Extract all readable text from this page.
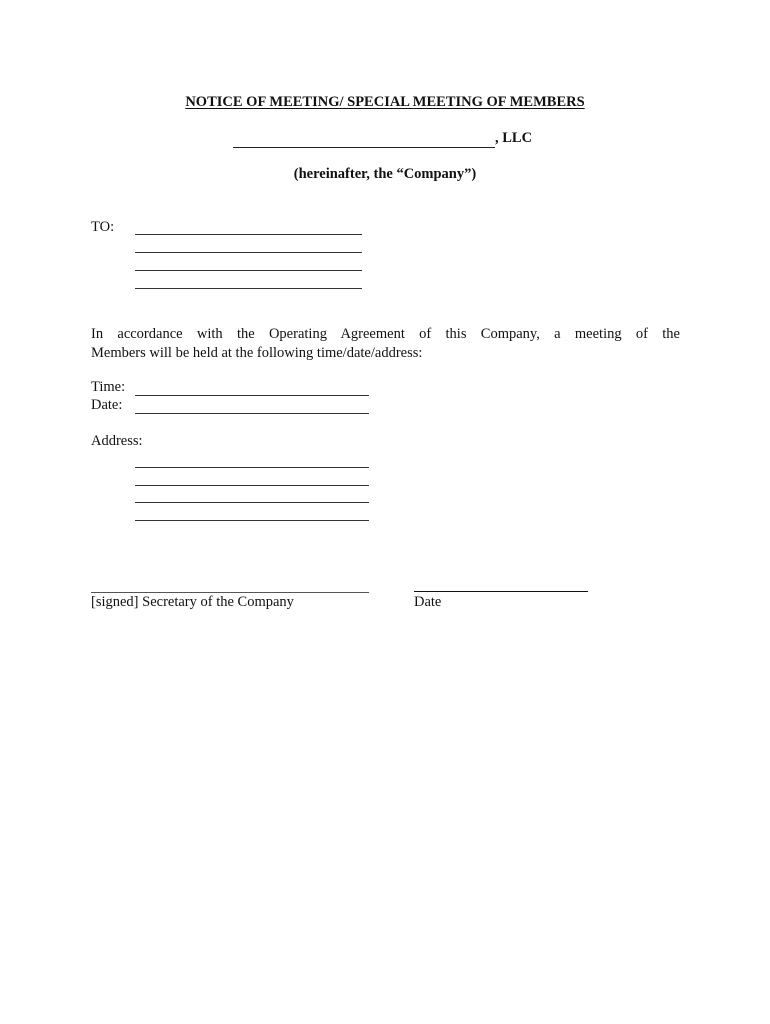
NOTICE OF MEETING/ SPECIAL MEETING OF MEMBERS
, LLC
(hereinafter, the “Company”)
TO:
In accordance with the Operating Agreement of this Company, a meeting of the
Members will be held at the following time/date/address:
Time:
Date:
Address:
[signed] Secretary of the Company	Date
